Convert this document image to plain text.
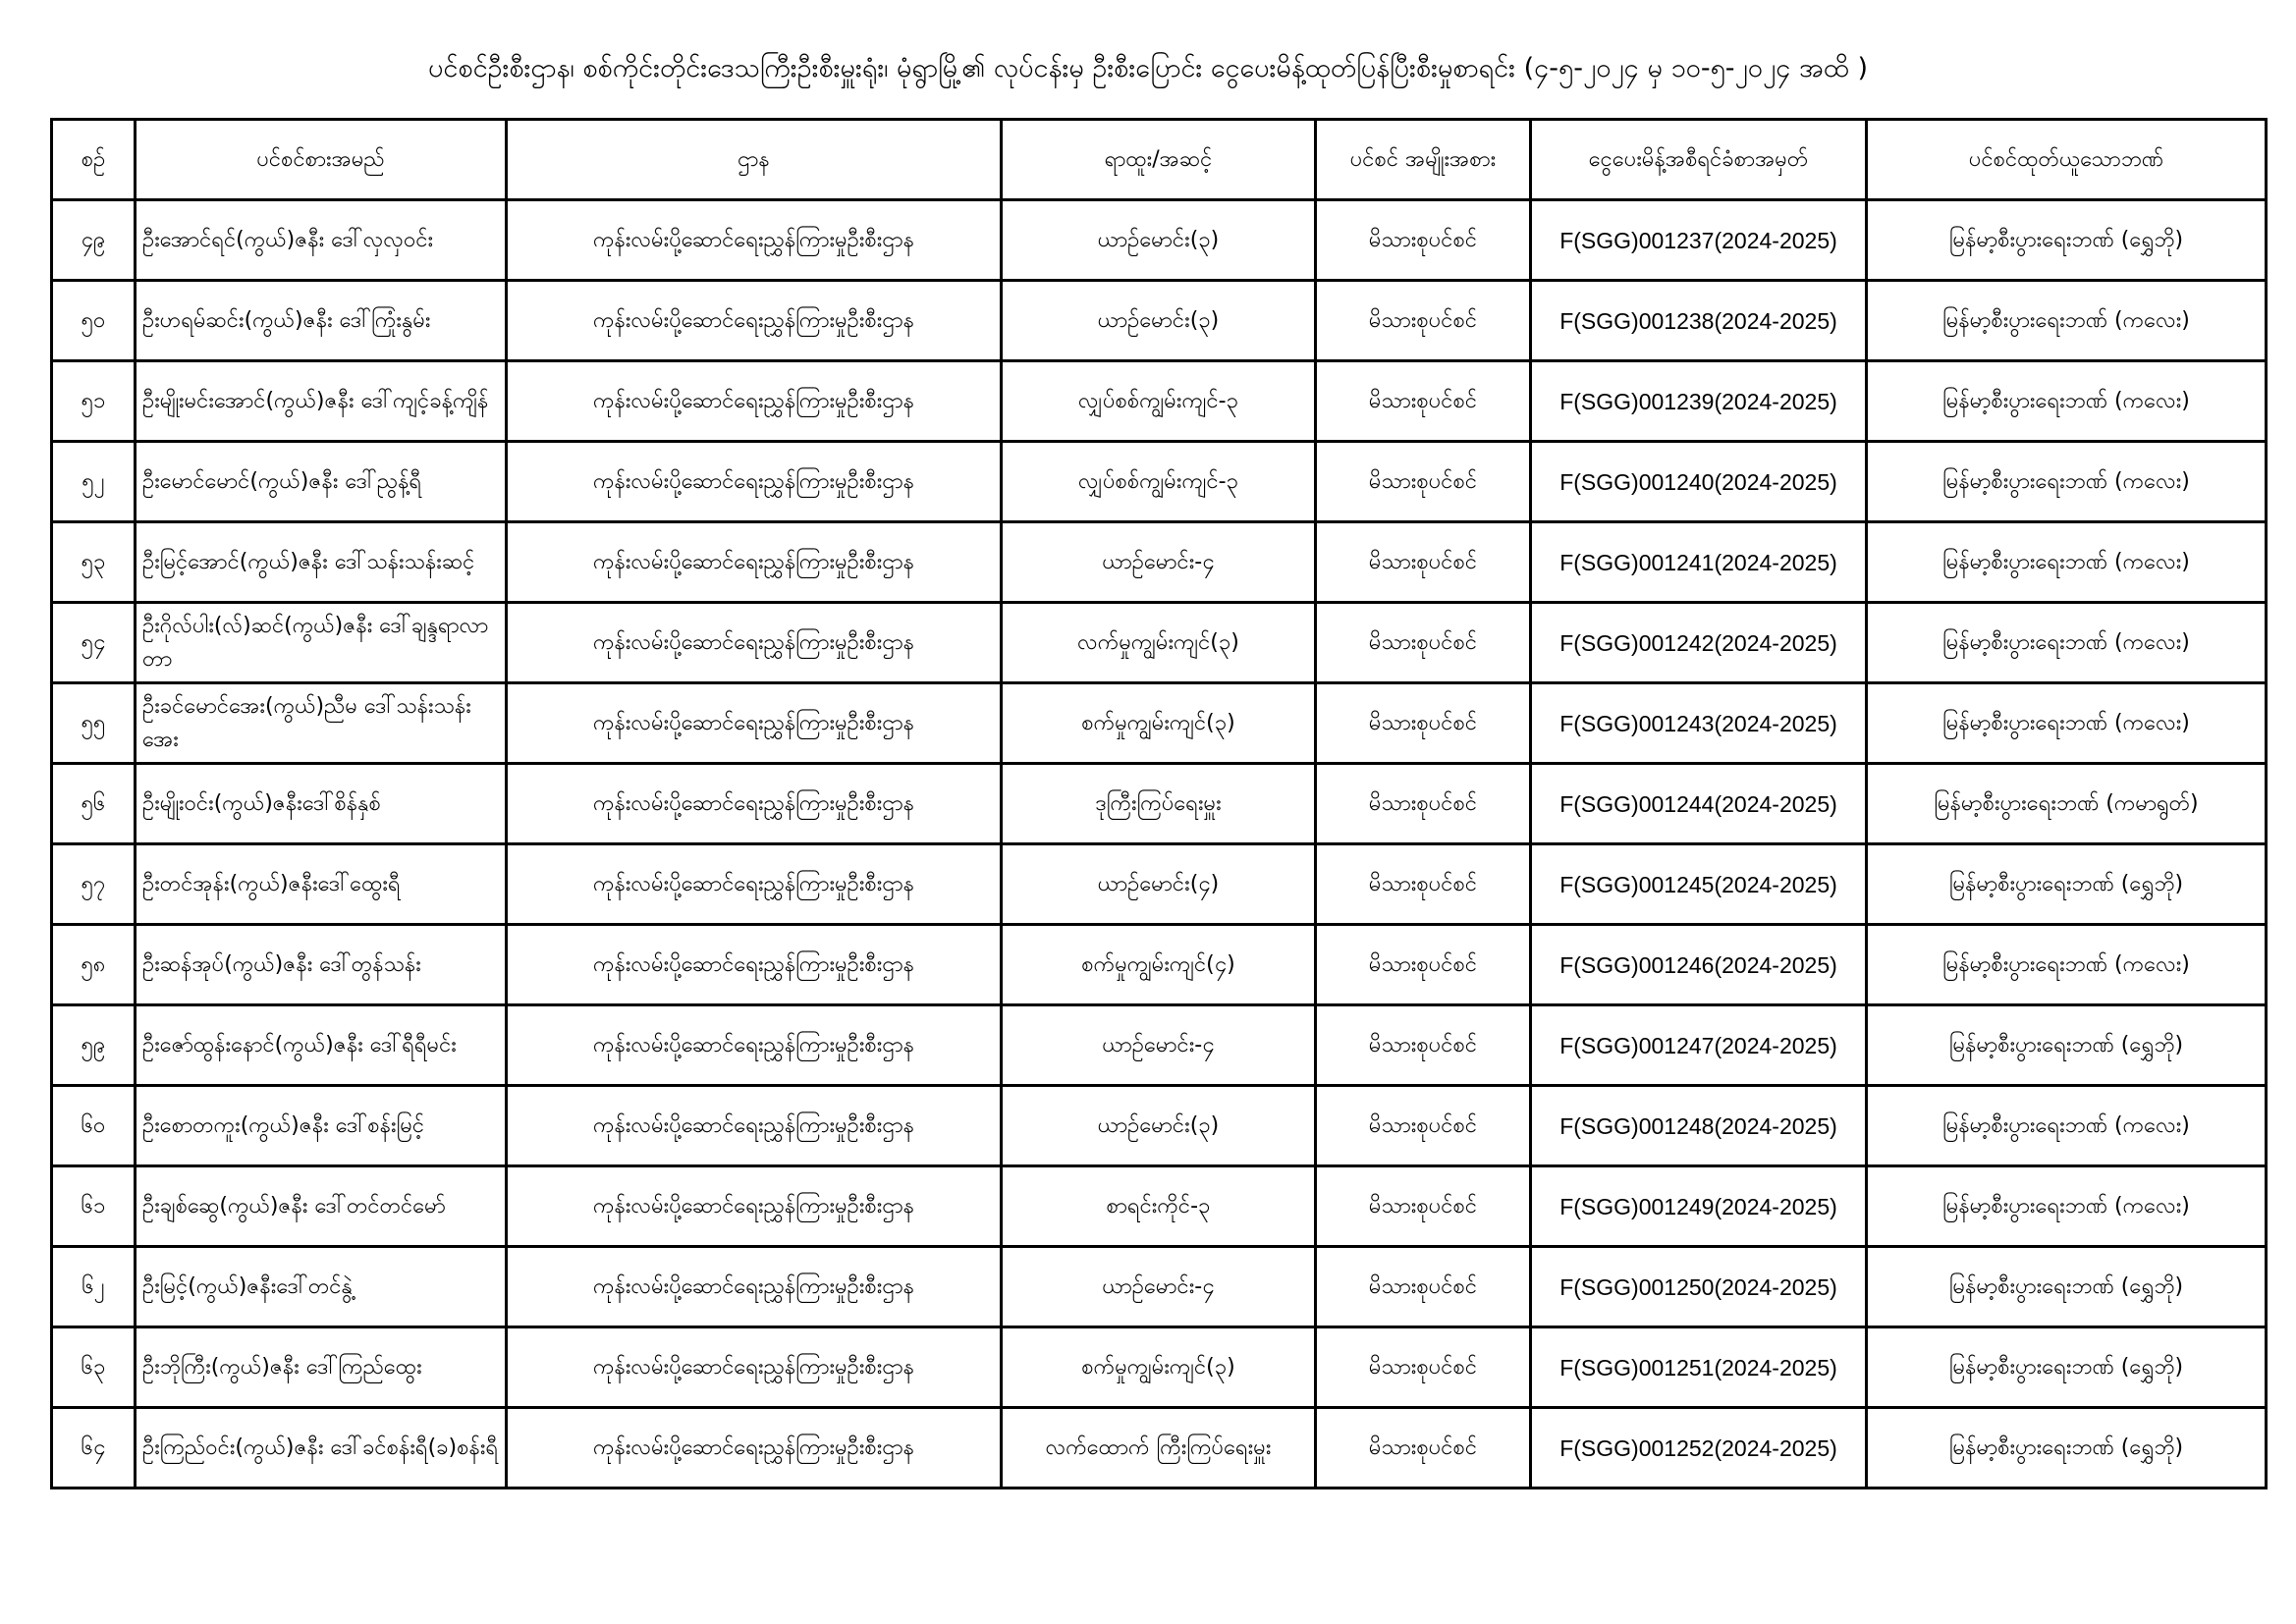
ပင်စင်ဦးစီးဌာန၊ စစ်ကိုင်းတိုင်းဒေသကြီးဦးစီးမှူးရုံး၊ မုံရွာမြို့၏ လုပ်ငန်းမှ ဦးစီးပြောင်း ငွေပေးမိန့်ထုတ်ပြန်ပြီးစီးမှုစာရင်း (၄-၅-၂၀၂၄ မှ ၁၀-၅-၂၀၂၄ အထိ )
စဉ်	ပင်စင်စားအမည်	ဌာန	ရာထူး/အဆင့်	ပင်စင် အမျိုးအစား	ငွေပေးမိန့်အစီရင်ခံစာအမှတ်	ပင်စင်ထုတ်ယူသောဘဏ်
၄၉	ဦးအောင်ရင်(ကွယ်)ဇနီး ဒေါ်လှလှဝင်း	ကုန်းလမ်းပို့ဆောင်ရေးညွှန်ကြားမှုဦးစီးဌာန	ယာဉ်မောင်း(၃)	မိသားစုပင်စင်	F(SGG)001237(2024-2025)	မြန်မာ့စီးပွားရေးဘဏ် (ရွှေဘို)
၅၀	ဦးဟရမ်ဆင်း(ကွယ်)ဇနီး ဒေါ်ကြုံးနွမ်း	ကုန်းလမ်းပို့ဆောင်ရေးညွှန်ကြားမှုဦးစီးဌာန	ယာဉ်မောင်း(၃)	မိသားစုပင်စင်	F(SGG)001238(2024-2025)	မြန်မာ့စီးပွားရေးဘဏ် (ကလေး)
၅၁	ဦးမျိုးမင်းအောင်(ကွယ်)ဇနီး ဒေါ်ကျင့်ခန့်ကျိန်	ကုန်းလမ်းပို့ဆောင်ရေးညွှန်ကြားမှုဦးစီးဌာန	လျှပ်စစ်ကျွမ်းကျင်-၃	မိသားစုပင်စင်	F(SGG)001239(2024-2025)	မြန်မာ့စီးပွားရေးဘဏ် (ကလေး)
၅၂	ဦးမောင်မောင်(ကွယ်)ဇနီး ဒေါ်ညွန့်ရီ	ကုန်းလမ်းပို့ဆောင်ရေးညွှန်ကြားမှုဦးစီးဌာန	လျှပ်စစ်ကျွမ်းကျင်-၃	မိသားစုပင်စင်	F(SGG)001240(2024-2025)	မြန်မာ့စီးပွားရေးဘဏ် (ကလေး)
၅၃	ဦးမြင့်အောင်(ကွယ်)ဇနီး ဒေါ်သန်းသန်းဆင့်	ကုန်းလမ်းပို့ဆောင်ရေးညွှန်ကြားမှုဦးစီးဌာန	ယာဉ်မောင်း-၄	မိသားစုပင်စင်	F(SGG)001241(2024-2025)	မြန်မာ့စီးပွားရေးဘဏ် (ကလေး)
၅၄	ဦးဂိုလ်ပါး(လ်)ဆင်(ကွယ်)ဇနီး ဒေါ်ချန္ဒရာလာတာ	ကုန်းလမ်းပို့ဆောင်ရေးညွှန်ကြားမှုဦးစီးဌာန	လက်မှုကျွမ်းကျင်(၃)	မိသားစုပင်စင်	F(SGG)001242(2024-2025)	မြန်မာ့စီးပွားရေးဘဏ် (ကလေး)
၅၅	ဦးခင်မောင်အေး(ကွယ်)ညီမ ဒေါ်သန်းသန်းအေး	ကုန်းလမ်းပို့ဆောင်ရေးညွှန်ကြားမှုဦးစီးဌာန	စက်မှုကျွမ်းကျင်(၃)	မိသားစုပင်စင်	F(SGG)001243(2024-2025)	မြန်မာ့စီးပွားရေးဘဏ် (ကလေး)
၅၆	ဦးမျိုးဝင်း(ကွယ်)ဇနီးဒေါ်စိန်နှစ်	ကုန်းလမ်းပို့ဆောင်ရေးညွှန်ကြားမှုဦးစီးဌာန	ဒုကြီးကြပ်ရေးမှူး	မိသားစုပင်စင်	F(SGG)001244(2024-2025)	မြန်မာ့စီးပွားရေးဘဏ် (ကမာရွတ်)
၅၇	ဦးတင်အုန်း(ကွယ်)ဇနီးဒေါ်ထွေးရီ	ကုန်းလမ်းပို့ဆောင်ရေးညွှန်ကြားမှုဦးစီးဌာန	ယာဉ်မောင်း(၄)	မိသားစုပင်စင်	F(SGG)001245(2024-2025)	မြန်မာ့စီးပွားရေးဘဏ် (ရွှေဘို)
၅၈	ဦးဆန်အုပ်(ကွယ်)ဇနီး ဒေါ်တွန်သန်း	ကုန်းလမ်းပို့ဆောင်ရေးညွှန်ကြားမှုဦးစီးဌာန	စက်မှုကျွမ်းကျင်(၄)	မိသားစုပင်စင်	F(SGG)001246(2024-2025)	မြန်မာ့စီးပွားရေးဘဏ် (ကလေး)
၅၉	ဦးဇော်ထွန်းနောင်(ကွယ်)ဇနီး ဒေါ်ရီရီမင်း	ကုန်းလမ်းပို့ဆောင်ရေးညွှန်ကြားမှုဦးစီးဌာန	ယာဉ်မောင်း-၄	မိသားစုပင်စင်	F(SGG)001247(2024-2025)	မြန်မာ့စီးပွားရေးဘဏ် (ရွှေဘို)
၆၀	ဦးစောတကူး(ကွယ်)ဇနီး ဒေါ်စန်းမြင့်	ကုန်းလမ်းပို့ဆောင်ရေးညွှန်ကြားမှုဦးစီးဌာန	ယာဉ်မောင်း(၃)	မိသားစုပင်စင်	F(SGG)001248(2024-2025)	မြန်မာ့စီးပွားရေးဘဏ် (ကလေး)
၆၁	ဦးချစ်ဆွေ(ကွယ်)ဇနီး ဒေါ်တင်တင်မော်	ကုန်းလမ်းပို့ဆောင်ရေးညွှန်ကြားမှုဦးစီးဌာန	စာရင်းကိုင်-၃	မိသားစုပင်စင်	F(SGG)001249(2024-2025)	မြန်မာ့စီးပွားရေးဘဏ် (ကလေး)
၆၂	ဦးမြင့်(ကွယ်)ဇနီးဒေါ်တင်နွဲ့	ကုန်းလမ်းပို့ဆောင်ရေးညွှန်ကြားမှုဦးစီးဌာန	ယာဉ်မောင်း-၄	မိသားစုပင်စင်	F(SGG)001250(2024-2025)	မြန်မာ့စီးပွားရေးဘဏ် (ရွှေဘို)
၆၃	ဦးဘိုကြီး(ကွယ်)ဇနီး ဒေါ်ကြည်ထွေး	ကုန်းလမ်းပို့ဆောင်ရေးညွှန်ကြားမှုဦးစီးဌာန	စက်မှုကျွမ်းကျင်(၃)	မိသားစုပင်စင်	F(SGG)001251(2024-2025)	မြန်မာ့စီးပွားရေးဘဏ် (ရွှေဘို)
၆၄	ဦးကြည်ဝင်း(ကွယ်)ဇနီး ဒေါ်ခင်စန်းရီ(ခ)စန်းရီ	ကုန်းလမ်းပို့ဆောင်ရေးညွှန်ကြားမှုဦးစီးဌာန	လက်ထောက် ကြီးကြပ်ရေးမှူး	မိသားစုပင်စင်	F(SGG)001252(2024-2025)	မြန်မာ့စီးပွားရေးဘဏ် (ရွှေဘို)
